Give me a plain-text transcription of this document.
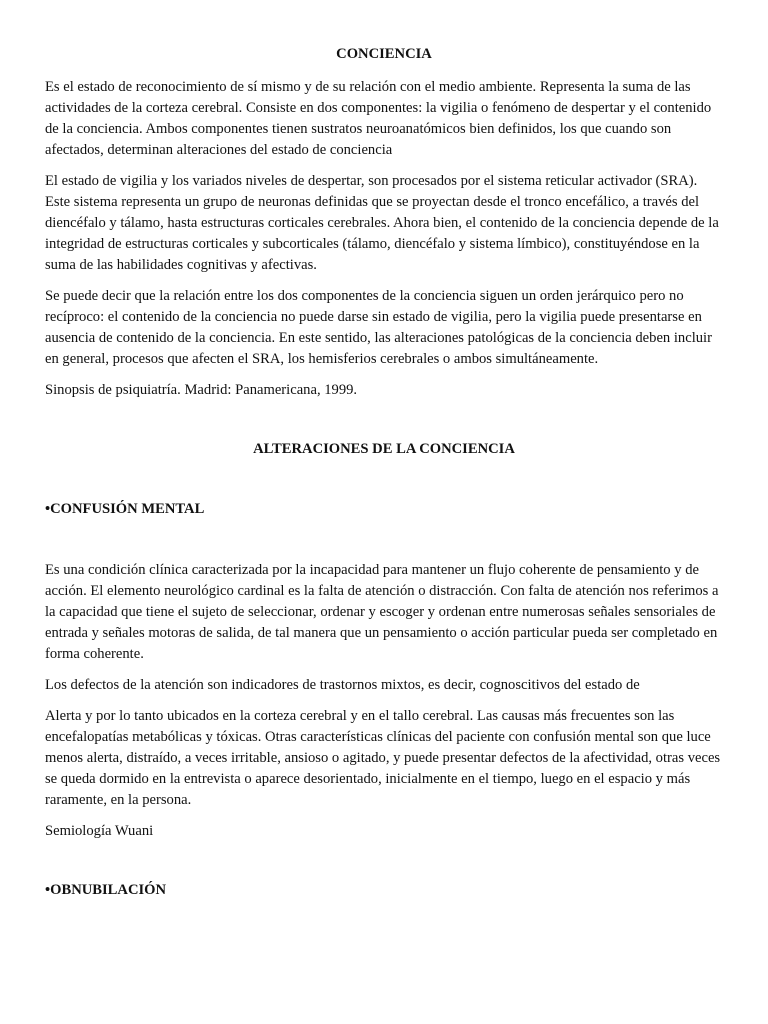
CONCIENCIA

Es el estado de reconocimiento de sí mismo y de su relación con el medio ambiente. Representa la suma de las actividades de la corteza cerebral. Consiste en dos componentes: la vigilia o fenómeno de despertar y el contenido de la conciencia. Ambos componentes tienen sustratos neuroanatómicos bien definidos, los que cuando son afectados, determinan alteraciones del estado de conciencia

El estado de vigilia y los variados niveles de despertar, son procesados por el sistema reticular activador (SRA). Este sistema representa un grupo de neuronas definidas que se proyectan desde el tronco encefálico, a través del diencéfalo y tálamo, hasta estructuras corticales cerebrales. Ahora bien, el contenido de la conciencia depende de la integridad de estructuras corticales y subcorticales (tálamo, diencéfalo y sistema límbico), constituyéndose en la suma de las habilidades cognitivas y afectivas.

Se puede decir que la relación entre los dos componentes de la conciencia siguen un orden jerárquico pero no recíproco: el contenido de la conciencia no puede darse sin estado de vigilia, pero la vigilia puede presentarse en ausencia de contenido de la conciencia. En este sentido, las alteraciones patológicas de la conciencia deben incluir en general, procesos que afecten el SRA, los hemisferios cerebrales o ambos simultáneamente.

Sinopsis de psiquiatría. Madrid: Panamericana, 1999.

ALTERACIONES DE LA CONCIENCIA
•CONFUSIÓN MENTAL

Es una condición clínica caracterizada por la incapacidad para mantener un flujo coherente de pensamiento y de acción. El elemento neurológico cardinal es la falta de atención o distracción. Con falta de atención nos referimos a la capacidad que tiene el sujeto de seleccionar, ordenar y escoger y ordenan entre numerosas señales sensoriales de entrada y señales motoras de salida, de tal manera que un pensamiento o acción particular pueda ser completado en forma coherente.

Los defectos de la atención son indicadores de trastornos mixtos, es decir, cognoscitivos del estado de

Alerta y por lo tanto ubicados en la corteza cerebral y en el tallo cerebral. Las causas más frecuentes son las encefalopatías metabólicas y tóxicas. Otras características clínicas del paciente con confusión mental son que luce menos alerta, distraído, a veces irritable, ansioso o agitado, y puede presentar defectos de la afectividad, otras veces se queda dormido en la entrevista o aparece desorientado, inicialmente en el tiempo, luego en el espacio y más raramente, en la persona.

Semiología Wuani

•OBNUBILACIÓN
